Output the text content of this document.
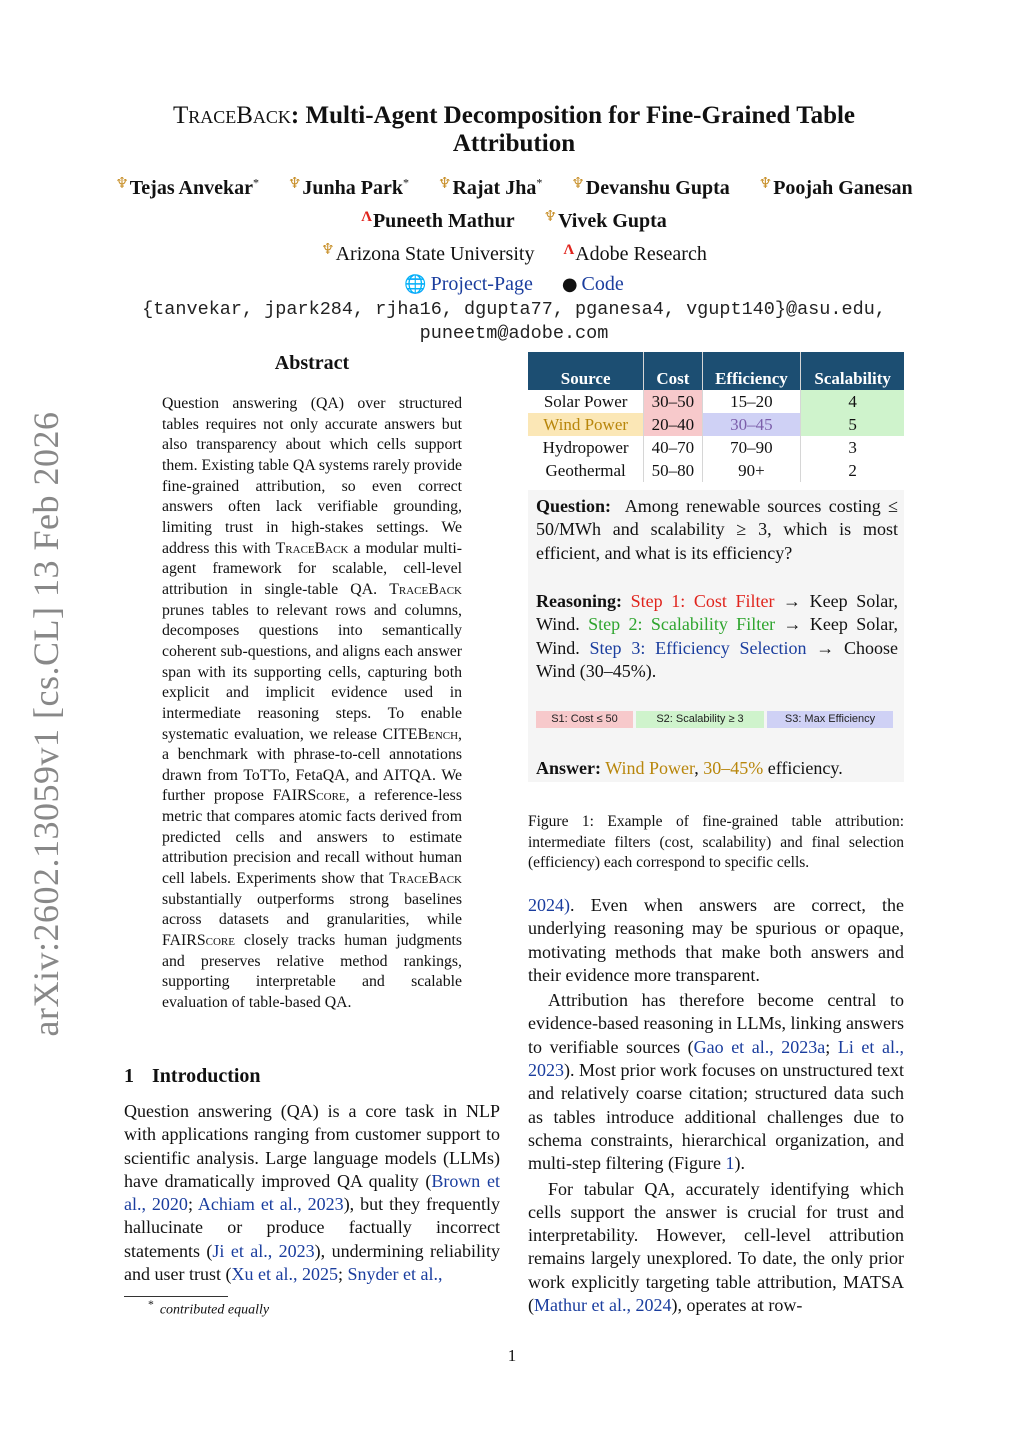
arXiv:2602.13059v1 [cs.CL] 13 Feb 2026
TraceBack: Multi-Agent Decomposition for Fine-Grained Table Attribution
♆Tejas Anvekar* ♆Junha Park* ♆Rajat Jha* ♆Devanshu Gupta ♆Poojah Ganesan
$^\Lambda$Puneeth Mathur ♆Vivek Gupta
♆Arizona State University $^\Lambda$Adobe Research
🌐 Project-Page ● Code
{tanvekar, jpark284, rjha16, dgupta77, pganesa4, vgupt140}@asu.edu,
puneetm@adobe.com
Abstract
Question answering (QA) over structured tables requires not only accurate answers but also transparency about which cells support them. Existing table QA systems rarely provide fine-grained attribution, so even correct answers often lack verifiable grounding, limiting trust in high-stakes settings. We address this with TraceBack a modular multi-agent framework for scalable, cell-level attribution in single-table QA. TraceBack prunes tables to relevant rows and columns, decomposes questions into semantically coherent sub-questions, and aligns each answer span with its supporting cells, capturing both explicit and implicit evidence used in intermediate reasoning steps. To enable systematic evaluation, we release CITEBench, a benchmark with phrase-to-cell annotations drawn from ToTTo, FetaQA, and AITQA. We further propose FAIRScore, a reference-less metric that compares atomic facts derived from predicted cells and answers to estimate attribution precision and recall without human cell labels. Experiments show that TraceBack substantially outperforms strong baselines across datasets and granularities, while FAIRScore closely tracks human judgments and preserves relative method rankings, supporting interpretable and scalable evaluation of table-based QA.
1 Introduction
Question answering (QA) is a core task in NLP with applications ranging from customer support to scientific analysis. Large language models (LLMs) have dramatically improved QA quality (Brown et al., 2020; Achiam et al., 2023), but they frequently hallucinate or produce factually incorrect statements (Ji et al., 2023), undermining reliability and user trust (Xu et al., 2025; Snyder et al.,
* contributed equally
Source	Cost	Efficiency	Scalability
Solar Power	30–50	15–20	4
Wind Power	20–40	30–45	5
Hydropower	40–70	70–90	3
Geothermal	50–80	90+	2
Question: Among renewable sources costing ≤ 50/MWh and scalability ≥ 3, which is most efficient, and what is its efficiency?
Reasoning: Step 1: Cost Filter → Keep Solar, Wind. Step 2: Scalability Filter → Keep Solar, Wind. Step 3: Efficiency Selection → Choose Wind (30–45%).
S1: Cost ≤ 50	S2: Scalability ≥ 3	S3: Max Efficiency
Answer: Wind Power, 30–45% efficiency.
Figure 1: Example of fine-grained table attribution: intermediate filters (cost, scalability) and final selection (efficiency) each correspond to specific cells.

2024). Even when answers are correct, the underlying reasoning may be spurious or opaque, motivating methods that make both answers and their evidence more transparent.

Attribution has therefore become central to evidence-based reasoning in LLMs, linking answers to verifiable sources (Gao et al., 2023a; Li et al., 2023). Most prior work focuses on unstructured text and relatively coarse citation; structured data such as tables introduce additional challenges due to schema constraints, hierarchical organization, and multi-step filtering (Figure 1).

For tabular QA, accurately identifying which cells support the answer is crucial for trust and interpretability. However, cell-level attribution remains largely unexplored. To date, the only prior work explicitly targeting table attribution, MATSA (Mathur et al., 2024), operates at row-

1
